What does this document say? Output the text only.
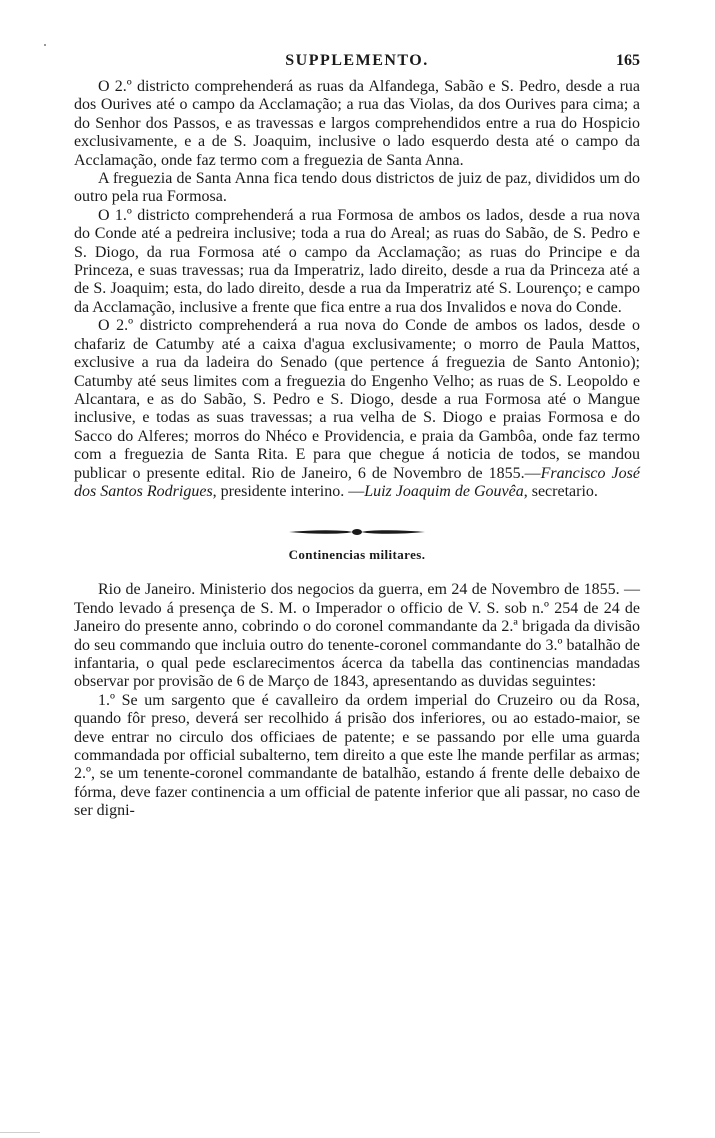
SUPPLEMENTO.	165

O 2.º districto comprehenderá as ruas da Alfandega, Sabão e S. Pedro, desde a rua dos Ourives até o campo da Acclamação; a rua das Violas, da dos Ourives para cima; a do Senhor dos Passos, e as travessas e largos comprehendidos entre a rua do Hospicio exclusivamente, e a de S. Joaquim, inclusive o lado esquerdo desta até o campo da Acclamação, onde faz termo com a freguezia de Santa Anna.

A freguezia de Santa Anna fica tendo dous districtos de juiz de paz, divididos um do outro pela rua Formosa.

O 1.º districto comprehenderá a rua Formosa de ambos os lados, desde a rua nova do Conde até a pedreira inclusive; toda a rua do Areal; as ruas do Sabão, de S. Pedro e S. Diogo, da rua Formosa até o campo da Acclamação; as ruas do Principe e da Princeza, e suas travessas; rua da Imperatriz, lado direito, desde a rua da Princeza até a de S. Joaquim; esta, do lado direito, desde a rua da Imperatriz até S. Lourenço; e campo da Acclamação, inclusive a frente que fica entre a rua dos Invalidos e nova do Conde.

O 2.º districto comprehenderá a rua nova do Conde de ambos os lados, desde o chafariz de Catumby até a caixa d'agua exclusivamente; o morro de Paula Mattos, exclusive a rua da ladeira do Senado (que pertence á freguezia de Santo Antonio); Catumby até seus limites com a freguezia do Engenho Velho; as ruas de S. Leopoldo e Alcantara, e as do Sabão, S. Pedro e S. Diogo, desde a rua Formosa até o Mangue inclusive, e todas as suas travessas; a rua velha de S. Diogo e praias Formosa e do Sacco do Alferes; morros do Nhéco e Providencia, e praia da Gambôa, onde faz termo com a freguezia de Santa Rita. E para que chegue á noticia de todos, se mandou publicar o presente edital. Rio de Janeiro, 6 de Novembro de 1855.—Francisco José dos Santos Rodrigues, presidente interino. —Luiz Joaquim de Gouvêa, secretario.

Continencias militares.

Rio de Janeiro. Ministerio dos negocios da guerra, em 24 de Novembro de 1855. — Tendo levado á presença de S. M. o Imperador o officio de V. S. sob n.º 254 de 24 de Janeiro do presente anno, cobrindo o do coronel commandante da 2.ª brigada da divisão do seu commando que incluia outro do tenente-coronel commandante do 3.º batalhão de infantaria, o qual pede esclarecimentos ácerca da tabella das continencias mandadas observar por provisão de 6 de Março de 1843, apresentando as duvidas seguintes:

1.º Se um sargento que é cavalleiro da ordem imperial do Cruzeiro ou da Rosa, quando fôr preso, deverá ser recolhido á prisão dos inferiores, ou ao estado-maior, se deve entrar no circulo dos officiaes de patente; e se passando por elle uma guarda commandada por official subalterno, tem direito a que este lhe mande perfilar as armas; 2.º, se um tenente-coronel commandante de batalhão, estando á frente delle debaixo de fórma, deve fazer continencia a um official de patente inferior que ali passar, no caso de ser digni-
